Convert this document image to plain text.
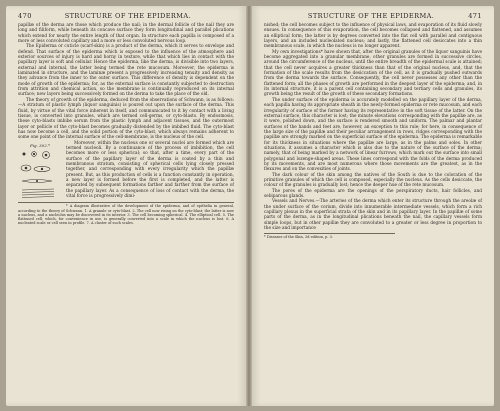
470	STRUCTURE OF THE EPIDERMA.

papillæ of the derma are those which produce the nail; in the dermal follicle of the nail they are long and filiform, while beneath its concave surface they form longitudinal and parallel plications which extend for nearly the entire length of that organ. In structure each papilla is composed of a more or less convoluted capillary and a more or less convoluted nervous loop.

The Epiderma or cuticle (scarf-skin) is a product of the derma, which it serves to envelope and defend. That surface of the epiderma which is exposed to the influence of the atmosphere and exterior sources of injury is hard and horny in texture, while that which lies in contact with the papillary layer is soft and cellular. Hence the epiderma, like the derma, is divisible into two layers, external and internal, the latter being termed the rete mucosum. Moreover, the epiderma is laminated in structure, and the laminæ present a progressively increasing tenuity and density as they advance from the inner to the outer surface. This difference of density is dependent on the mode of growth of the epiderma; for, as the external surface is constantly subjected to destruction from attrition and chemical action, so the membrane is continually reproduced on its internal surface; new layers being successively formed on the derma to take the place of the old.

The theory of growth of the epiderma, deduced from the observations of Schwann, is as follows:—A stratum of plastic lymph (liquor sanguinis) is poured out upon the surface of the derma. This fluid, by virtue of the vital force inherent in itself, and communicated to it by contact with a living tissue, is converted into granules, which are termed cell-germs, or cyto-blasts. By endosmosis, these cyto-blasts imbibe serum from the plastic lymph and adjacent tissues, and the outermost layer or pellicle of the cyto-blast becomes gradually distended by the imbibed fluid. The cyto-blast has now become a cell, and the solid portion of the cyto-blast, which always remains adherent to some one point of the internal surface of the cell-membrane, is the nucleus of the cell.

Fig. 302.*	Moreover, within the nucleus one or several nuclei are formed which are termed nucleoli. By a continuance of the process of imbibition, the cell becomes more or less spherical; so that, after a time, every part of the surface of the papillary layer of the derma is coated by a thin and membranous stratum, consisting of spherical cells lying closely pressed together, and corresponding with every irregularity which the papillæ present. But, as this production of cells is a function constantly in operation, a new layer is formed before the first is completed, and the latter is separated by subsequent formations farther and farther from the surface of the papillary layer. As a consequence of loss of contact with the derma, the vital force is progressively dimi-

* A diagram illustrative of the development of the epiderma, and of epithelia in general, according to the theory of Schwann. 1. A granule or cyto-blast. 2. The cell now rising on the cyto-blast; the latter is now a nucleus, and a nucleolus may be discovered in its interior. 3. The cell becoming spherical. 4. The elliptical cell. 5. The flattened cell, which, for convenience in use, is generally converted into a scale in which the nucleus is lost. 6. A nucleated scale or cell seen in profile. 7. A cluster of such scales.
STRUCTURE OF THE EPIDERMA.	471

nished; the cell becomes subject to the influence of physical laws, and evaporation of its fluid slowly ensues. In consequence of this evaporation, the cell becomes collapsed and flattened, and assumes an elliptical form; the latter is by degrees converted into the flat cell with parallel and contiguous layers, and an included nucleolated nucleus; and lastly, the flattened cell desiccates into a thin membranous scale, in which the nucleus is no longer apparent.

My own investigations* have shown that, after the original granules of the liquor sanguinis have become aggregated into a granular membrane, other granules are formed in successive circles, around the circumference of the nucleus, until the entire breadth of the epidermal scale is attained; that the cell never acquires a greater thickness than that of the original nucleus, and, that the formation of the scale results from the desiccation of the cell, as it is gradually pushed outwards from the derma towards the surface. Consequently, the cell never possesses any other than the flattened form; all the phases of growth are performed in the deepest layer of the epiderma; and, in its internal structure, it is a parent cell containing secondary and tertiary cells and granules, its growth being the result of the growth of these secondary formations.

The under surface of the epiderma is accurately modelled on the papillary layer of the derma, each papilla having its appropriate sheath in the newly-formed epiderma or rete mucosum, and each irregularity of surface of the former having its representative in the soft tissue of the latter. On the external surface, this character is lost; the minute elevations corresponding with the papillæ are, as it were, polished down, and the surface is rendered smooth and uniform. The palmar and plantar surfaces of the hands and feet are, however, an exception to this rule; for here, in consequence of the large size of the papillæ and their peculiar arrangement in rows, ridges corresponding with the papillæ are strongly marked on the superficial surface of the epiderma. The epiderma is remarkable for its thickness in situations where the papillæ are large, as in the palms and soles. In other situations, it assumes a character which is also due to the nature of the surface of the derma; namely, that of being marked by a network of linear furrows, which mark out the surface into small polygonal and lozenge-shaped areas. These lines correspond with the folds of the derma produced by its movements, and are most numerous where those movements are the greatest, as in the flexures and on the convexities of joints.

The dark colour of the skin among the natives of the South is due to the coloration of the primitive granules of which the cell is composed, especially the nucleus. As the cells desiccate, the colour of the granules is gradually lost; hence the deeper hue of the rete mucosum.

The pores of the epiderma are the openings of the perspiratory ducts, hair follicles, and sebiparous glands.

Vessels and Nerves.—The arteries of the derma which enter its structure through the areolæ of the under surface of the corium, divide into innumerable intermediate vessels, which form a rich capillary plexus in the superficial strata of the skin and in its papillary layer. In the papillæ of some parts of the derma, as in the longitudinal plications beneath the nail, the capillary vessels form simple loops, but in other papillæ they are convoluted to a greater or less degree in proportion to the size and importance

* Diseases of the Skin, 3d edition, p. 3.
